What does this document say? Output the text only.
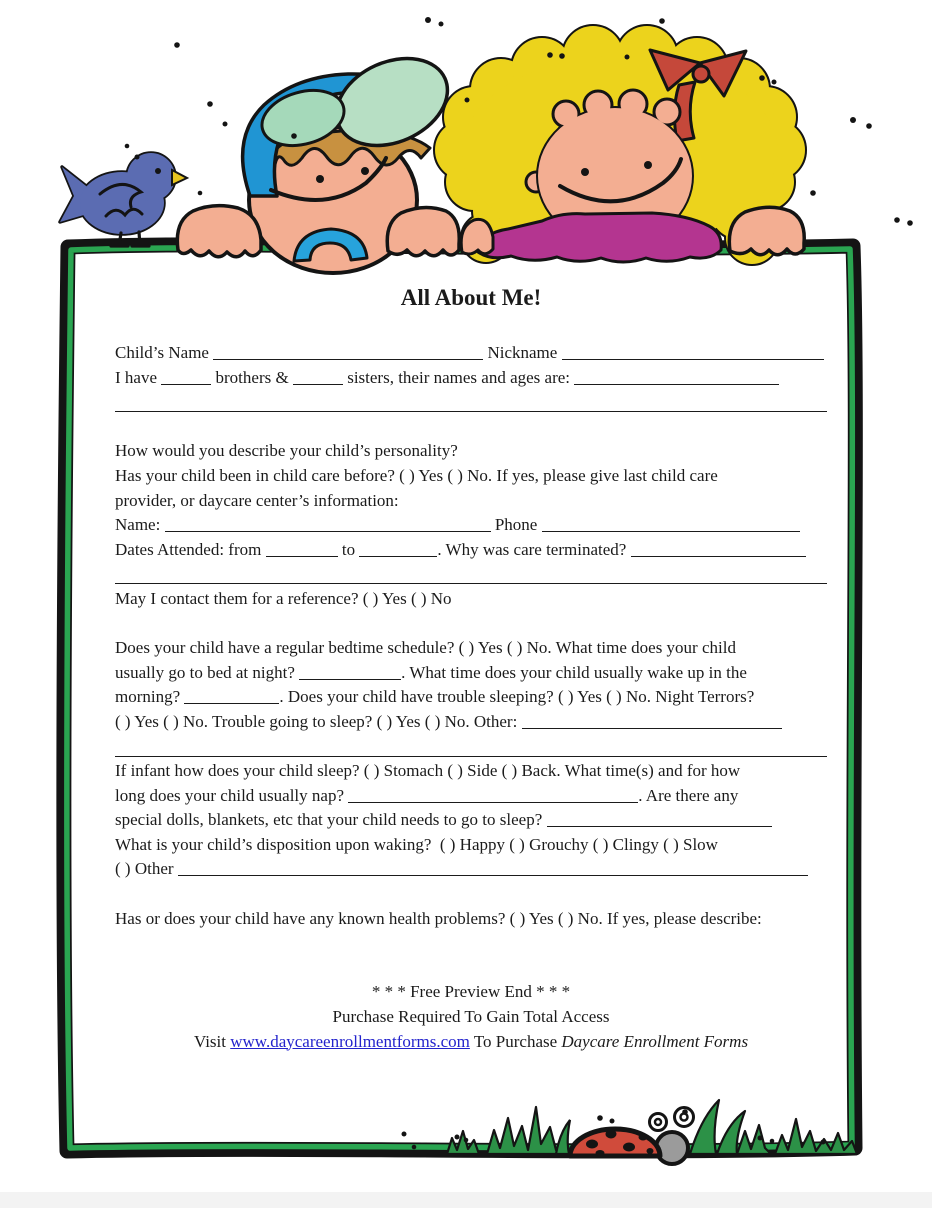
All About Me!
Child’s Name	Nickname
I have	brothers &	sisters, their names and ages are:
How would you describe your child’s personality?
Has your child been in child care before? ( ) Yes ( ) No. If yes, please give last child care
provider, or daycare center’s information:
Name:	Phone
Dates Attended: from	to	. Why was care terminated?
May I contact them for a reference? ( ) Yes ( ) No
Does your child have a regular bedtime schedule? ( ) Yes ( ) No. What time does your child
usually go to bed at night?	. What time does your child usually wake up in the
morning?	. Does your child have trouble sleeping? ( ) Yes ( ) No. Night Terrors?
( ) Yes ( ) No. Trouble going to sleep? ( ) Yes ( ) No. Other:
If infant how does your child sleep? ( ) Stomach ( ) Side ( ) Back. What time(s) and for how
long does your child usually nap?	. Are there any
special dolls, blankets, etc that your child needs to go to sleep?
What is your child’s disposition upon waking?  ( ) Happy ( ) Grouchy ( ) Clingy ( ) Slow
( ) Other
Has or does your child have any known health problems? ( ) Yes ( ) No. If yes, please describe:
* * * Free Preview End * * *
Purchase Required To Gain Total Access
Visit www.daycareenrollmentforms.com To Purchase Daycare Enrollment Forms
